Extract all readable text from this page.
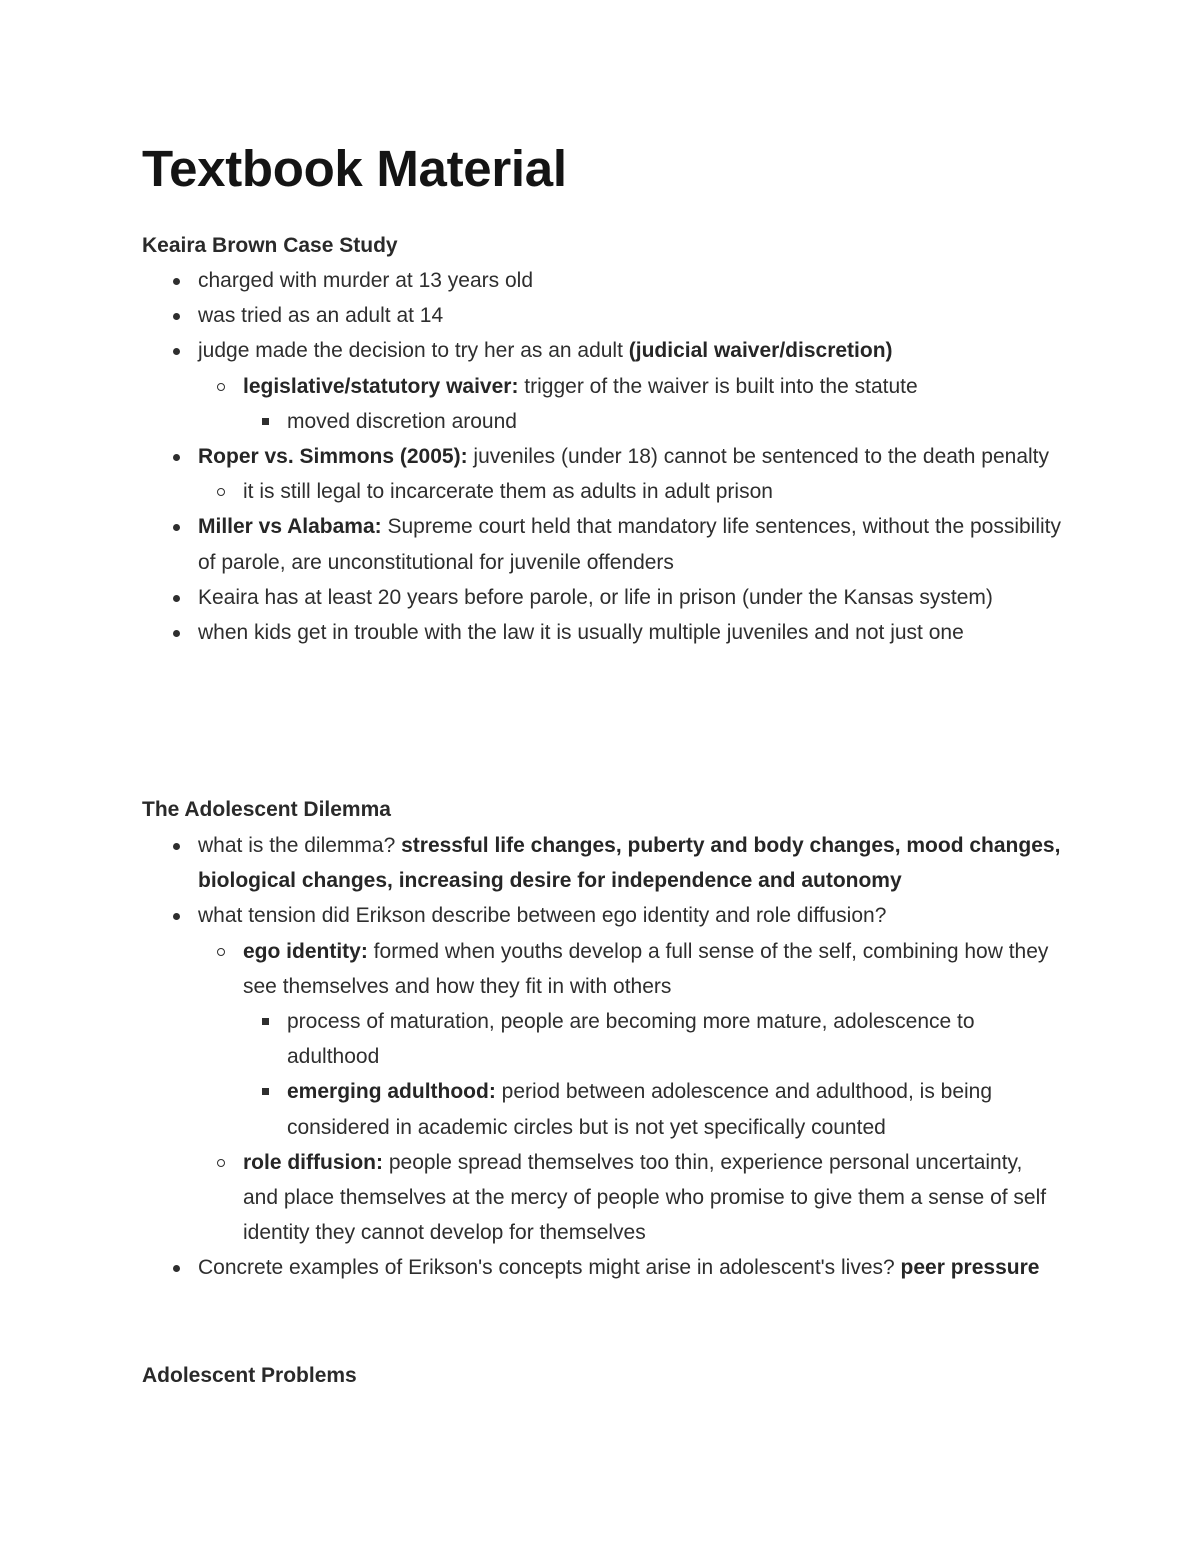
Textbook Material
Keaira Brown Case Study
charged with murder at 13 years old
was tried as an adult at 14
judge made the decision to try her as an adult (judicial waiver/discretion)
legislative/statutory waiver: trigger of the waiver is built into the statute
moved discretion around
Roper vs. Simmons (2005): juveniles (under 18) cannot be sentenced to the death penalty
it is still legal to incarcerate them as adults in adult prison
Miller vs Alabama: Supreme court held that mandatory life sentences, without the possibility of parole, are unconstitutional for juvenile offenders
Keaira has at least 20 years before parole, or life in prison (under the Kansas system)
when kids get in trouble with the law it is usually multiple juveniles and not just one
The Adolescent Dilemma
what is the dilemma? stressful life changes, puberty and body changes, mood changes, biological changes, increasing desire for independence and autonomy
what tension did Erikson describe between ego identity and role diffusion?
ego identity: formed when youths develop a full sense of the self, combining how they see themselves and how they fit in with others
process of maturation, people are becoming more mature, adolescence to adulthood
emerging adulthood: period between adolescence and adulthood, is being considered in academic circles but is not yet specifically counted
role diffusion: people spread themselves too thin, experience personal uncertainty, and place themselves at the mercy of people who promise to give them a sense of self identity they cannot develop for themselves
Concrete examples of Erikson's concepts might arise in adolescent's lives? peer pressure
Adolescent Problems
